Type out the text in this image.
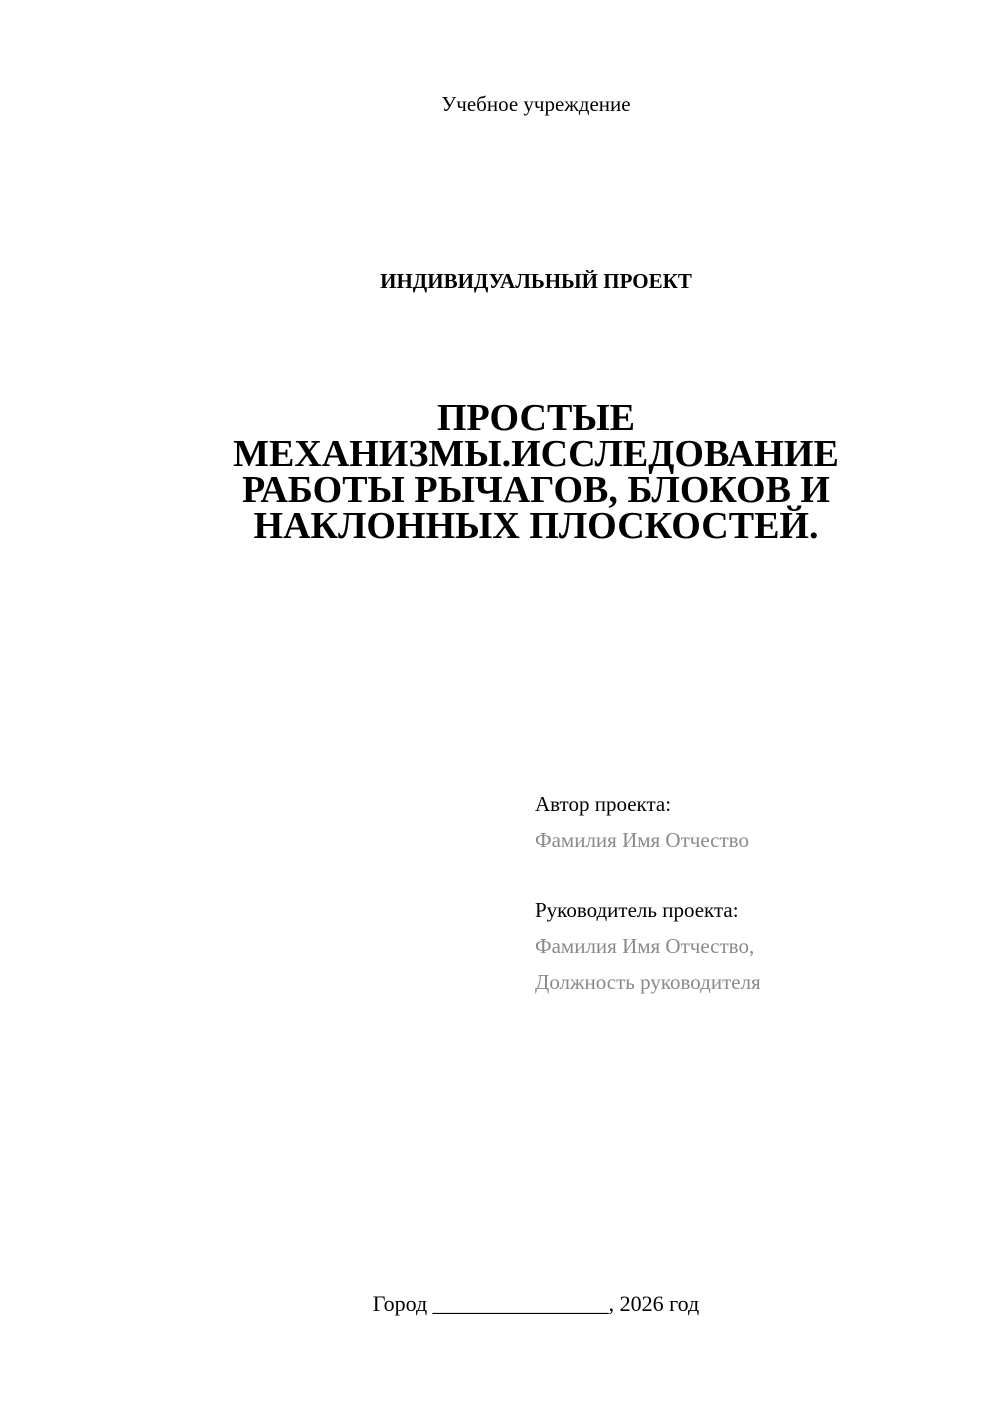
Учебное учреждение
ИНДИВИДУАЛЬНЫЙ ПРОЕКТ
ПРОСТЫЕ
МЕХАНИЗМЫ.ИССЛЕДОВАНИЕ
РАБОТЫ РЫЧАГОВ, БЛОКОВ И
НАКЛОННЫХ ПЛОСКОСТЕЙ.
Автор проекта:
Фамилия Имя Отчество
Руководитель проекта:
Фамилия Имя Отчество,
Должность руководителя
Город ________________, 2026 год
